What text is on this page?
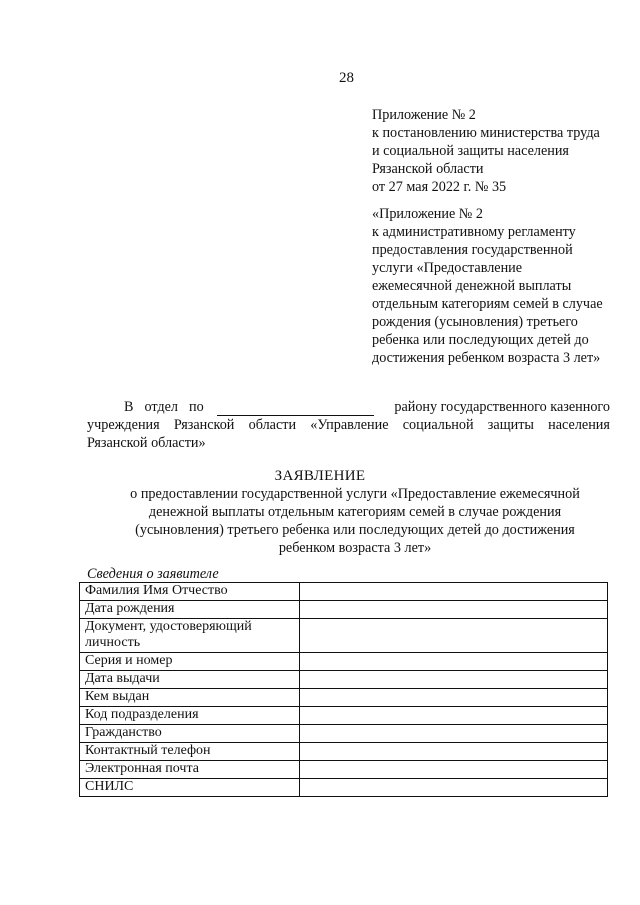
28
Приложение № 2
к постановлению министерства труда
и социальной защиты населения
Рязанской области
от 27 мая 2022 г. № 35
«Приложение № 2
к административному регламенту
предоставления государственной
услуги «Предоставление
ежемесячной денежной выплаты
отдельным категориям семей в случае
рождения (усыновления) третьего
ребенка или последующих детей до
достижения ребенком возраста 3 лет»
В отдел по	району государственного казенного
учреждения Рязанской области «Управление социальной защиты населения
Рязанской области»
ЗАЯВЛЕНИЕ
о предоставлении государственной услуги «Предоставление ежемесячной
денежной выплаты отдельным категориям семей в случае рождения
(усыновления) третьего ребенка или последующих детей до достижения
ребенком возраста 3 лет»
Сведения о заявителе
Фамилия Имя Отчество	
Дата рождения	

Документ, удостоверяющий
личность	

Серия и номер	
Дата выдачи	
Кем выдан	
Код подразделения	
Гражданство	
Контактный телефон	
Электронная почта	
СНИЛС	
